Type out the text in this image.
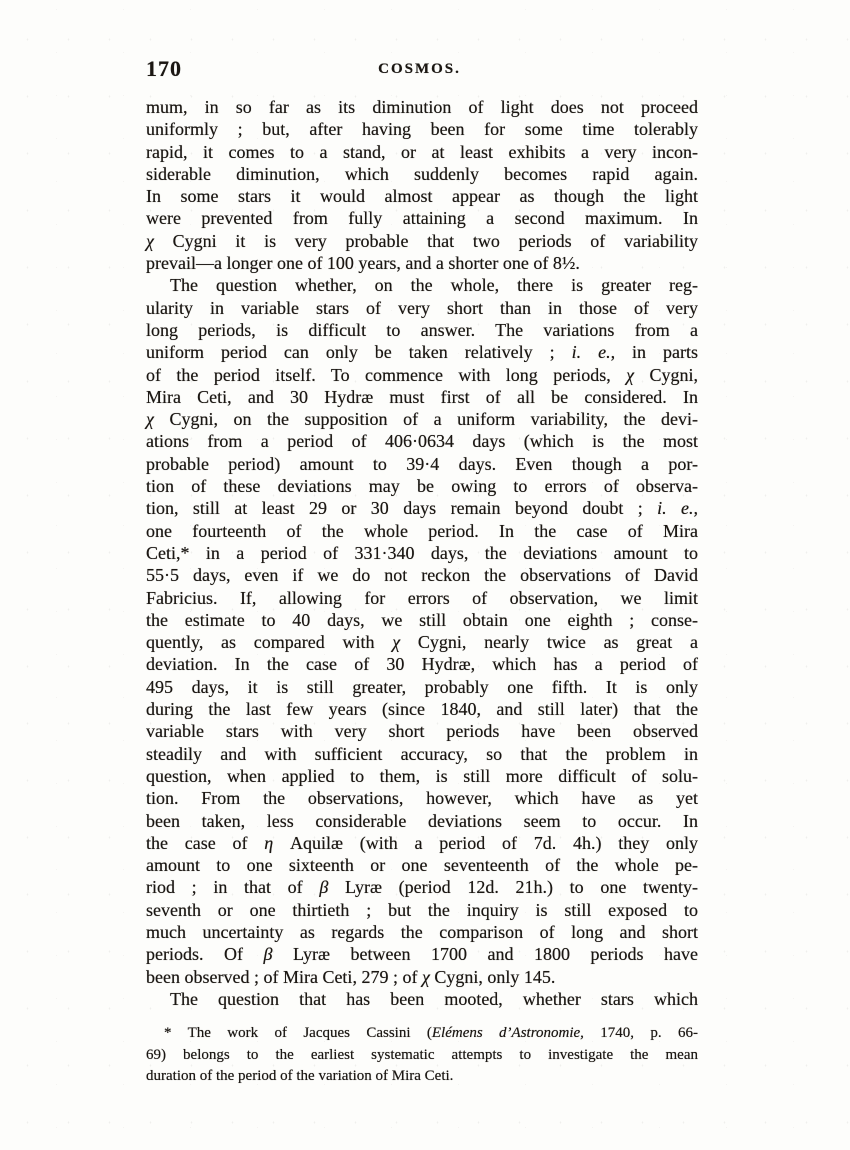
170	COSMOS.
mum, in so far as its diminution of light does not proceed
uniformly ; but, after having been for some time tolerably
rapid, it comes to a stand, or at least exhibits a very incon-
siderable diminution, which suddenly becomes rapid again.
In some stars it would almost appear as though the light
were prevented from fully attaining a second maximum. In
χ Cygni it is very probable that two periods of variability
prevail—a longer one of 100 years, and a shorter one of 8½.
The question whether, on the whole, there is greater reg-
ularity in variable stars of very short than in those of very
long periods, is difficult to answer. The variations from a
uniform period can only be taken relatively ; i. e., in parts
of the period itself. To commence with long periods, χ Cygni,
Mira Ceti, and 30 Hydræ must first of all be considered. In
χ Cygni, on the supposition of a uniform variability, the devi-
ations from a period of 406·0634 days (which is the most
probable period) amount to 39·4 days. Even though a por-
tion of these deviations may be owing to errors of observa-
tion, still at least 29 or 30 days remain beyond doubt ; i. e.,
one fourteenth of the whole period. In the case of Mira
Ceti,* in a period of 331·340 days, the deviations amount to
55·5 days, even if we do not reckon the observations of David
Fabricius. If, allowing for errors of observation, we limit
the estimate to 40 days, we still obtain one eighth ; conse-
quently, as compared with χ Cygni, nearly twice as great a
deviation. In the case of 30 Hydræ, which has a period of
495 days, it is still greater, probably one fifth. It is only
during the last few years (since 1840, and still later) that the
variable stars with very short periods have been observed
steadily and with sufficient accuracy, so that the problem in
question, when applied to them, is still more difficult of solu-
tion. From the observations, however, which have as yet
been taken, less considerable deviations seem to occur. In
the case of η Aquilæ (with a period of 7d. 4h.) they only
amount to one sixteenth or one seventeenth of the whole pe-
riod ; in that of β Lyræ (period 12d. 21h.) to one twenty-
seventh or one thirtieth ; but the inquiry is still exposed to
much uncertainty as regards the comparison of long and short
periods. Of β Lyræ between 1700 and 1800 periods have
been observed ; of Mira Ceti, 279 ; of χ Cygni, only 145.
The question that has been mooted, whether stars which
* The work of Jacques Cassini (Elémens d’Astronomie, 1740, p. 66-
69) belongs to the earliest systematic attempts to investigate the mean
duration of the period of the variation of Mira Ceti.
